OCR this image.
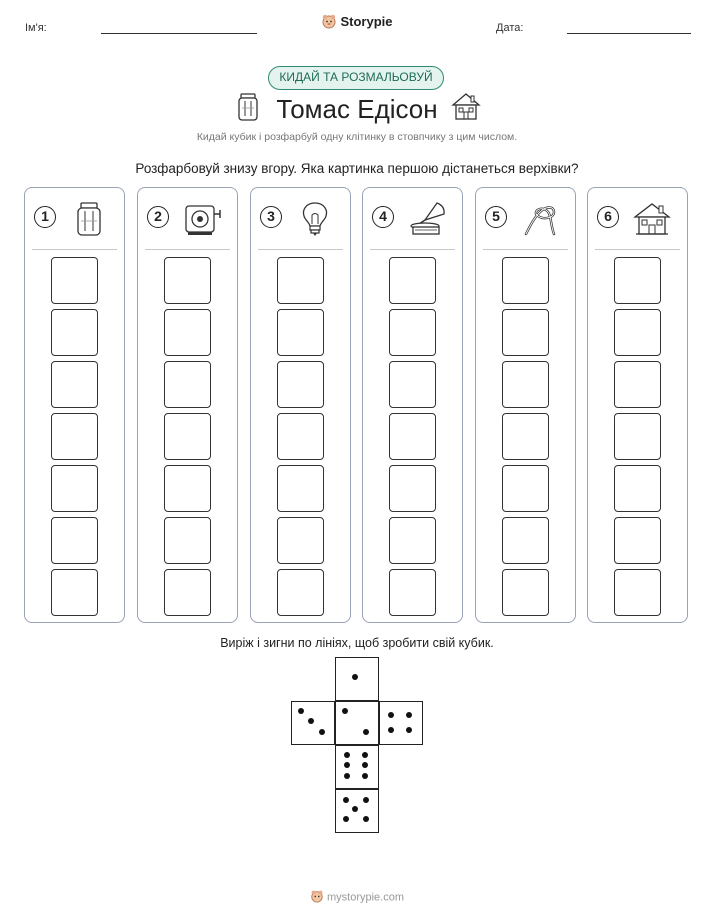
Ім'я:	Storypie	Дата:
КИДАЙ ТА РОЗМАЛЬОВУЙ
Томас Едісон
Кидай кубик і розфарбуй одну клітинку в стовпчику з цим числом.
Розфарбовуй знизу вгору. Яка картинка першою дістанеться верхівки?
1	2	3	4	5	6
Виріж і зигни по лініях, щоб зробити свій кубик.
mystorypie.com
